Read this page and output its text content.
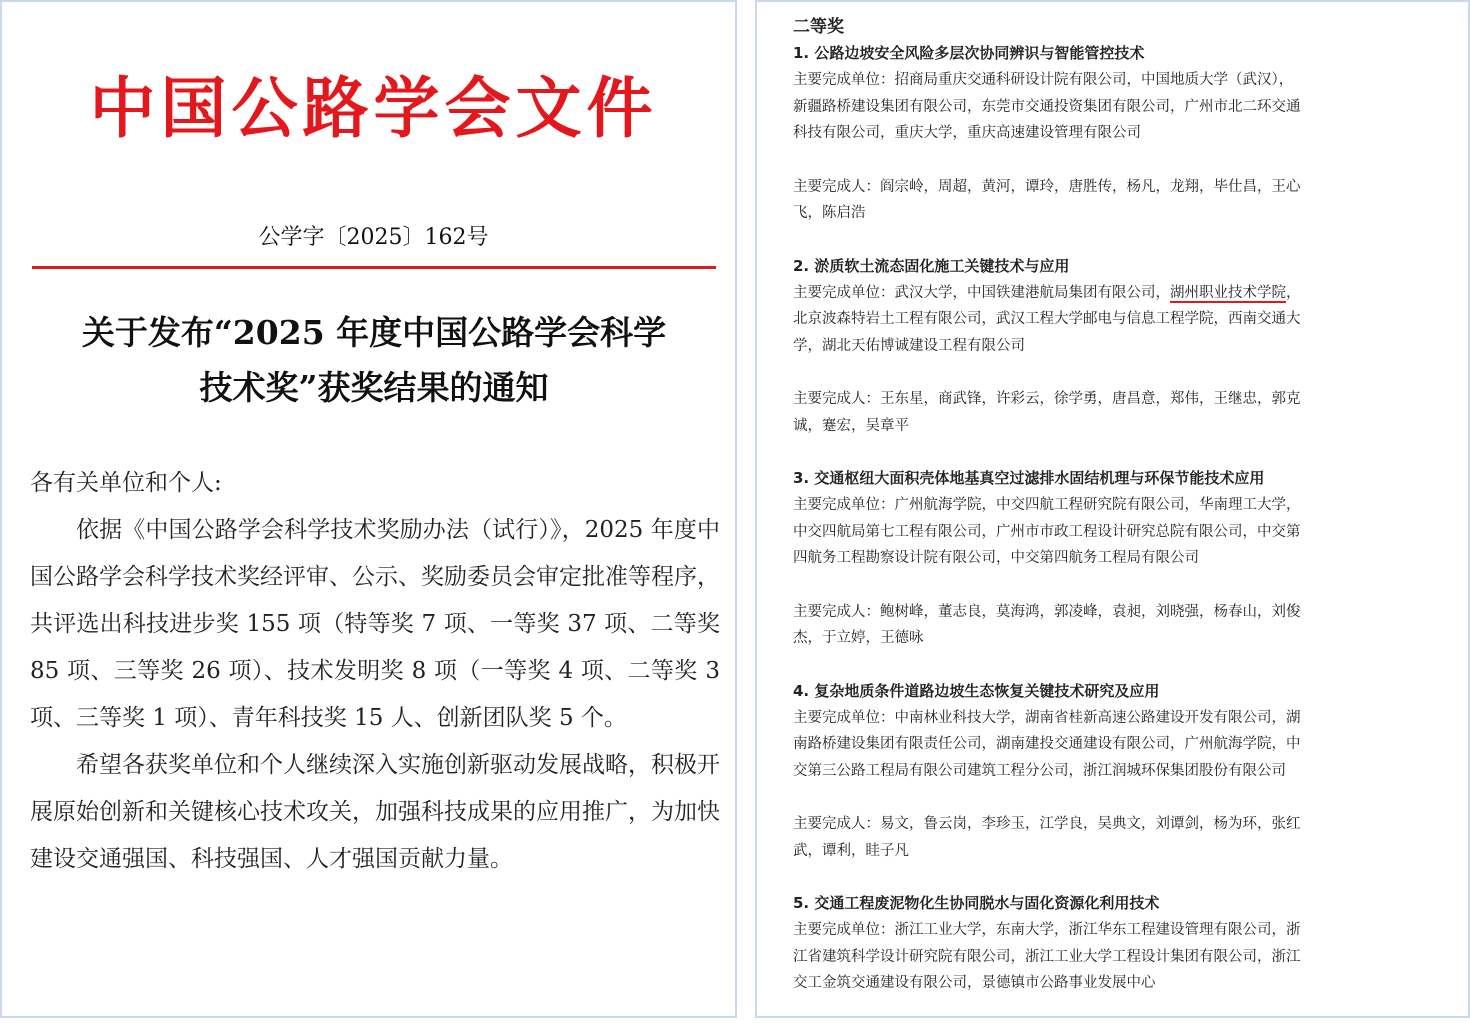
中国公路学会文件
公学字〔2025〕162号
关于发布“2025 年度中国公路学会科学
技术奖”获奖结果的通知

各有关单位和个人:

依据《中国公路学会科学技术奖励办法（试行）》，2025 年度中国公路学会科学技术奖经评审、公示、奖励委员会审定批准等程序，共评选出科技进步奖 155 项（特等奖 7 项、一等奖 37 项、二等奖 85 项、三等奖 26 项）、技术发明奖 8 项（一等奖 4 项、二等奖 3 项、三等奖 1 项）、青年科技奖 15 人、创新团队奖 5 个。

希望各获奖单位和个人继续深入实施创新驱动发展战略，积极开展原始创新和关键核心技术攻关，加强科技成果的应用推广，为加快建设交通强国、科技强国、人才强国贡献力量。

二等奖
1. 公路边坡安全风险多层次协同辨识与智能管控技术
主要完成单位：招商局重庆交通科研设计院有限公司，中国地质大学（武汉），
新疆路桥建设集团有限公司，东莞市交通投资集团有限公司，广州市北二环交通
科技有限公司，重庆大学，重庆高速建设管理有限公司
主要完成人：阎宗岭，周超，黄河，谭玲，唐胜传，杨凡，龙翔，毕仕昌，王心
飞，陈启浩
2. 淤质软土流态固化施工关键技术与应用
主要完成单位：武汉大学，中国铁建港航局集团有限公司，湖州职业技术学院，
北京波森特岩土工程有限公司，武汉工程大学邮电与信息工程学院，西南交通大
学，湖北天佑博诚建设工程有限公司
主要完成人：王东星，商武锋，许彩云，徐学勇，唐昌意，郑伟，王继忠，郭克
诚，蹇宏，吴章平
3. 交通枢纽大面积壳体地基真空过滤排水固结机理与环保节能技术应用
主要完成单位：广州航海学院，中交四航工程研究院有限公司，华南理工大学，
中交四航局第七工程有限公司，广州市市政工程设计研究总院有限公司，中交第
四航务工程勘察设计院有限公司，中交第四航务工程局有限公司
主要完成人：鲍树峰，董志良，莫海鸿，郭凌峰，袁昶，刘晓强，杨春山，刘俊
杰，于立婷，王德咏
4. 复杂地质条件道路边坡生态恢复关键技术研究及应用
主要完成单位：中南林业科技大学，湖南省桂新高速公路建设开发有限公司，湖
南路桥建设集团有限责任公司，湖南建投交通建设有限公司，广州航海学院，中
交第三公路工程局有限公司建筑工程分公司，浙江润城环保集团股份有限公司
主要完成人：易文，鲁云岗，李珍玉，江学良，吴典文，刘谭剑，杨为环，张红
武，谭利，眭子凡
5. 交通工程废泥物化生协同脱水与固化资源化利用技术
主要完成单位：浙江工业大学，东南大学，浙江华东工程建设管理有限公司，浙
江省建筑科学设计研究院有限公司，浙江工业大学工程设计集团有限公司，浙江
交工金筑交通建设有限公司，景德镇市公路事业发展中心
